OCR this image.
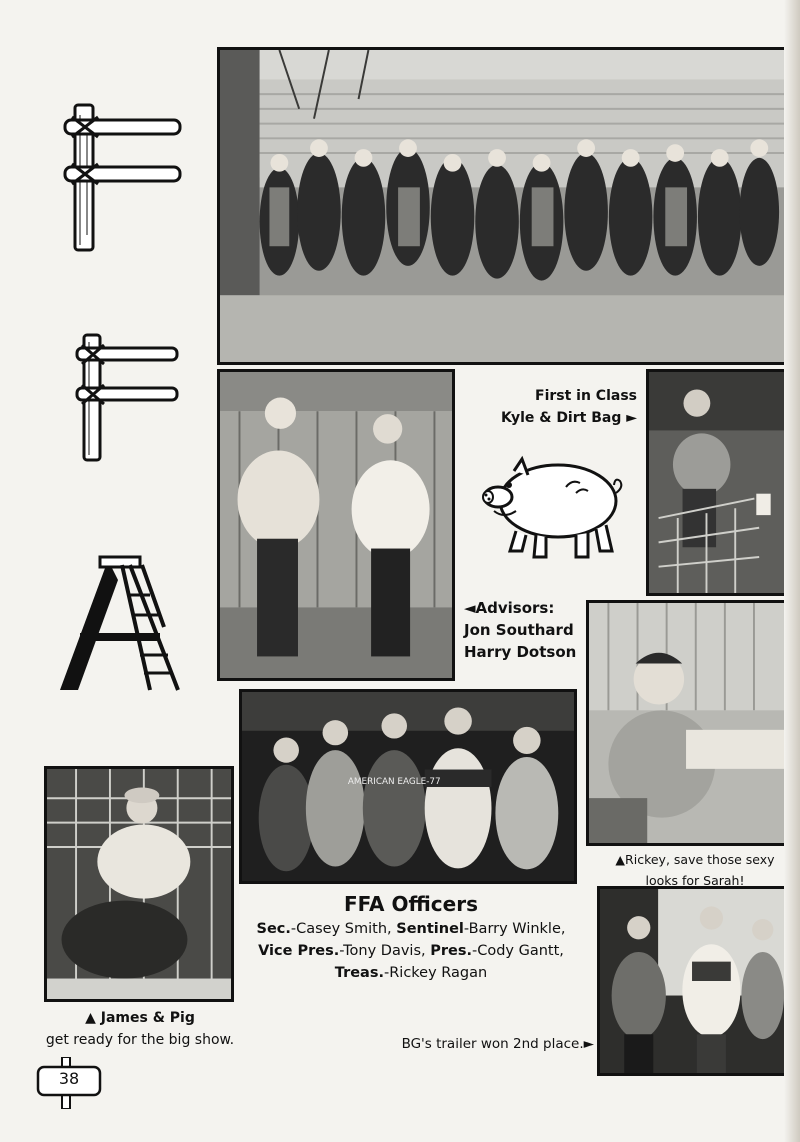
AMERICAN EAGLE-77
First in Class
Kyle & Dirt Bag ►
◄Advisors:
Jon Southard
Harry Dotson
▲Rickey, save those sexy
looks for Sarah!
FFA Officers
Sec.-Casey Smith, Sentinel-Barry Winkle,
Vice Pres.-Tony Davis, Pres.-Cody Gantt,
Treas.-Rickey Ragan
▲ James & Pig
get ready for the big show.	BG's trailer won 2nd place.►
38
